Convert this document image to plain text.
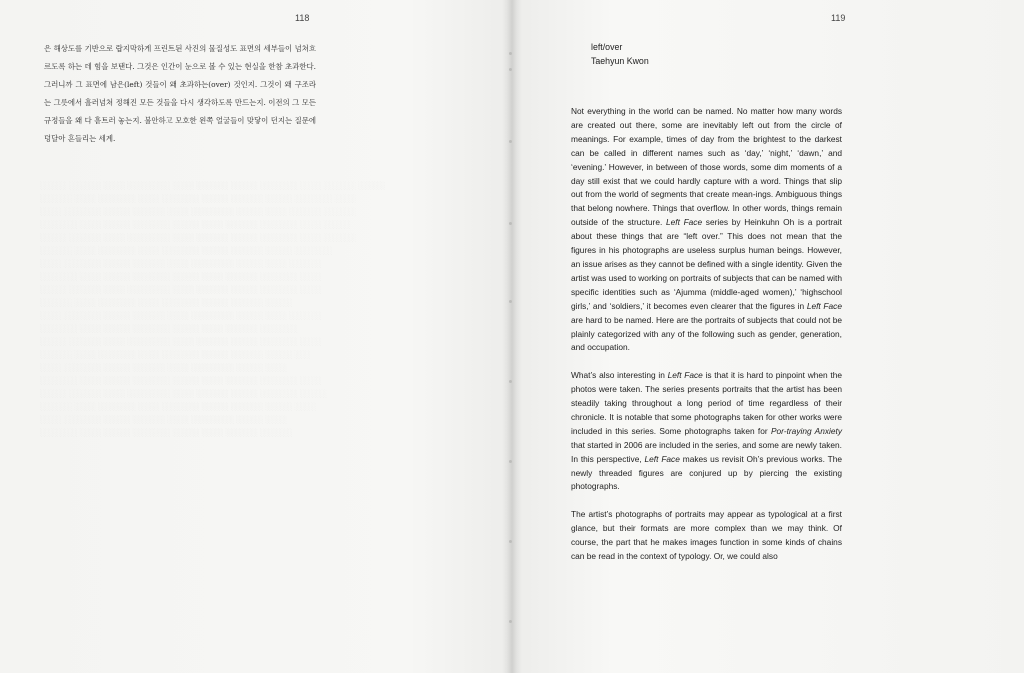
118

은 해상도를 기반으로 랍지막하게 프린트된 사진의 물질성도 표면의 세부들이 넘쳐흐르도록 하는 데 힘을 보탠다. 그것은 인간이 눈으로 볼 수 있는 현실을 한참 초과한다. 그러니까 그 표면에 남은(left) 것들이 왜 초과하는(over) 것인지. 그것이 왜 구조라는 그릇에서 흘러넘쳐 정해진 모든 것들을 다시 생각하도록 만드는지. 이전의 그 모든 규정들을 왜 다 흩트러 놓는지. 불안하고 모호한 왼쪽 얼굴들이 맞닿이 던지는 질문에 덩달아 흔들리는 세계.

119
left/over
Taehyun Kwon

Not everything in the world can be named. No matter how many words are created out there, some are inevitably left out from the circle of meanings. For example, times of day from the brightest to the darkest can be called in different names such as ‘day,’ ‘night,’ ‘dawn,’ and ‘evening.’ However, in between of those words, some dim moments of a day still exist that we could hardly capture with a word. Things that slip out from the world of segments that create mean-ings. Ambiguous things that belong nowhere. Things that overflow. In other words, things remain outside of the structure. Left Face series by Heinkuhn Oh is a portrait about these things that are “left over.” This does not mean that the figures in his photographs are useless surplus human beings. However, an issue arises as they cannot be defined with a single identity. Given the artist was used to working on portraits of subjects that can be named with specific identities such as ‘Ajumma (middle-aged women),’ ‘highschool girls,’ and ‘soldiers,’ it becomes even clearer that the figures in Left Face are hard to be named. Here are the portraits of subjects that could not be plainly categorized with any of the following such as gender, generation, and occupation.

What’s also interesting in Left Face is that it is hard to pinpoint when the photos were taken. The series presents portraits that the artist has been steadily taking throughout a long period of time regardless of their chronicle. It is notable that some photographs taken for other works were included in this series. Some photographs taken for Por-traying Anxiety that started in 2006 are included in the series, and some are newly taken. In this perspective, Left Face makes us revisit Oh’s previous works. The newly threaded figures are conjured up by piercing the existing photographs.

The artist’s photographs of portraits may appear as typological at a first glance, but their formats are more complex than we may think. Of course, the part that he makes images function in some kinds of chains can be read in the context of typology. Or, we could also
